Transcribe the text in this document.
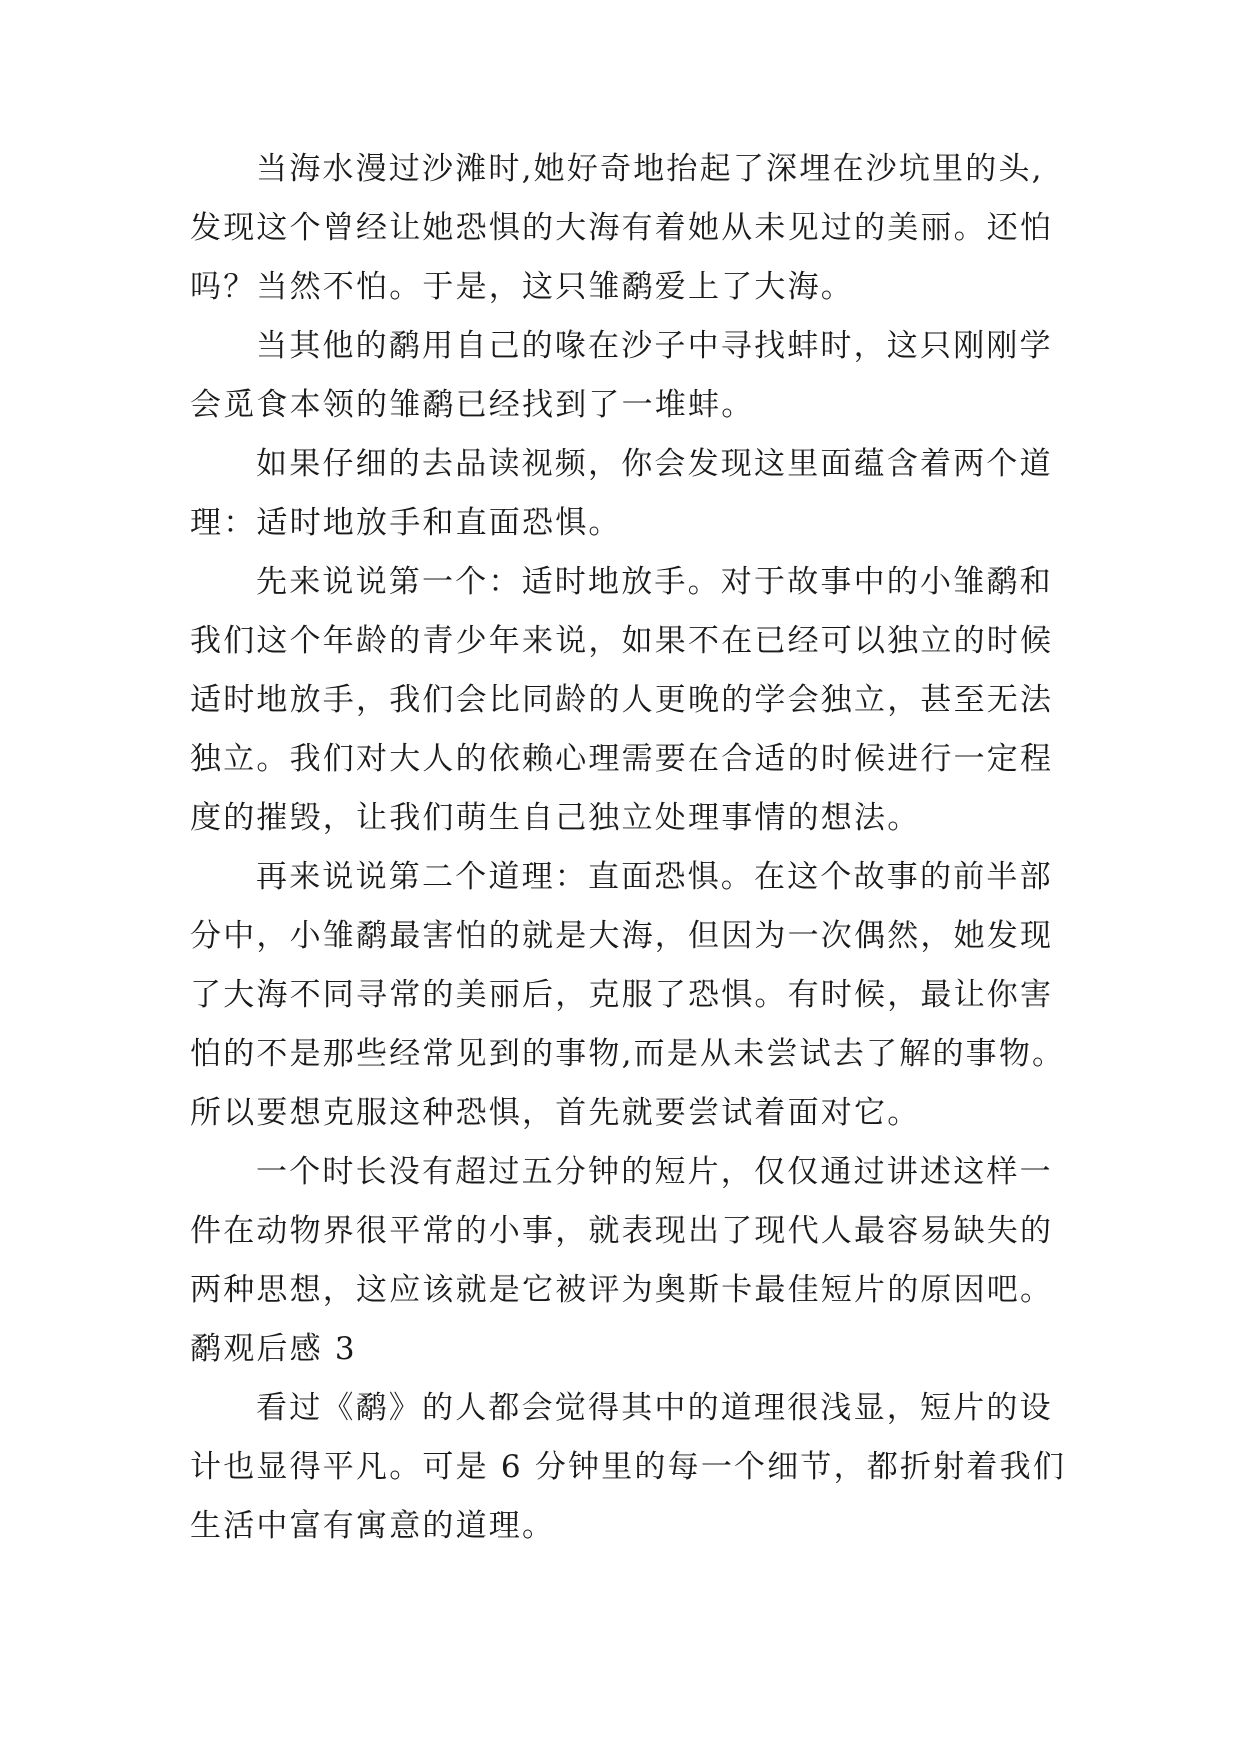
当海水漫过沙滩时,她好奇地抬起了深埋在沙坑里的头,
发现这个曾经让她恐惧的大海有着她从未见过的美丽。还怕
吗？当然不怕。于是，这只雏鹬爱上了大海。
当其他的鹬用自己的喙在沙子中寻找蚌时，这只刚刚学
会觅食本领的雏鹬已经找到了一堆蚌。
如果仔细的去品读视频，你会发现这里面蕴含着两个道
理：适时地放手和直面恐惧。
先来说说第一个：适时地放手。对于故事中的小雏鹬和
我们这个年龄的青少年来说，如果不在已经可以独立的时候
适时地放手，我们会比同龄的人更晚的学会独立，甚至无法
独立。我们对大人的依赖心理需要在合适的时候进行一定程
度的摧毁，让我们萌生自己独立处理事情的想法。
再来说说第二个道理：直面恐惧。在这个故事的前半部
分中，小雏鹬最害怕的就是大海，但因为一次偶然，她发现
了大海不同寻常的美丽后，克服了恐惧。有时候，最让你害
怕的不是那些经常见到的事物,而是从未尝试去了解的事物。
所以要想克服这种恐惧，首先就要尝试着面对它。
一个时长没有超过五分钟的短片，仅仅通过讲述这样一
件在动物界很平常的小事，就表现出了现代人最容易缺失的
两种思想，这应该就是它被评为奥斯卡最佳短片的原因吧。
鹬观后感 3
看过《鹬》的人都会觉得其中的道理很浅显，短片的设
计也显得平凡。可是 6 分钟里的每一个细节，都折射着我们
生活中富有寓意的道理。
